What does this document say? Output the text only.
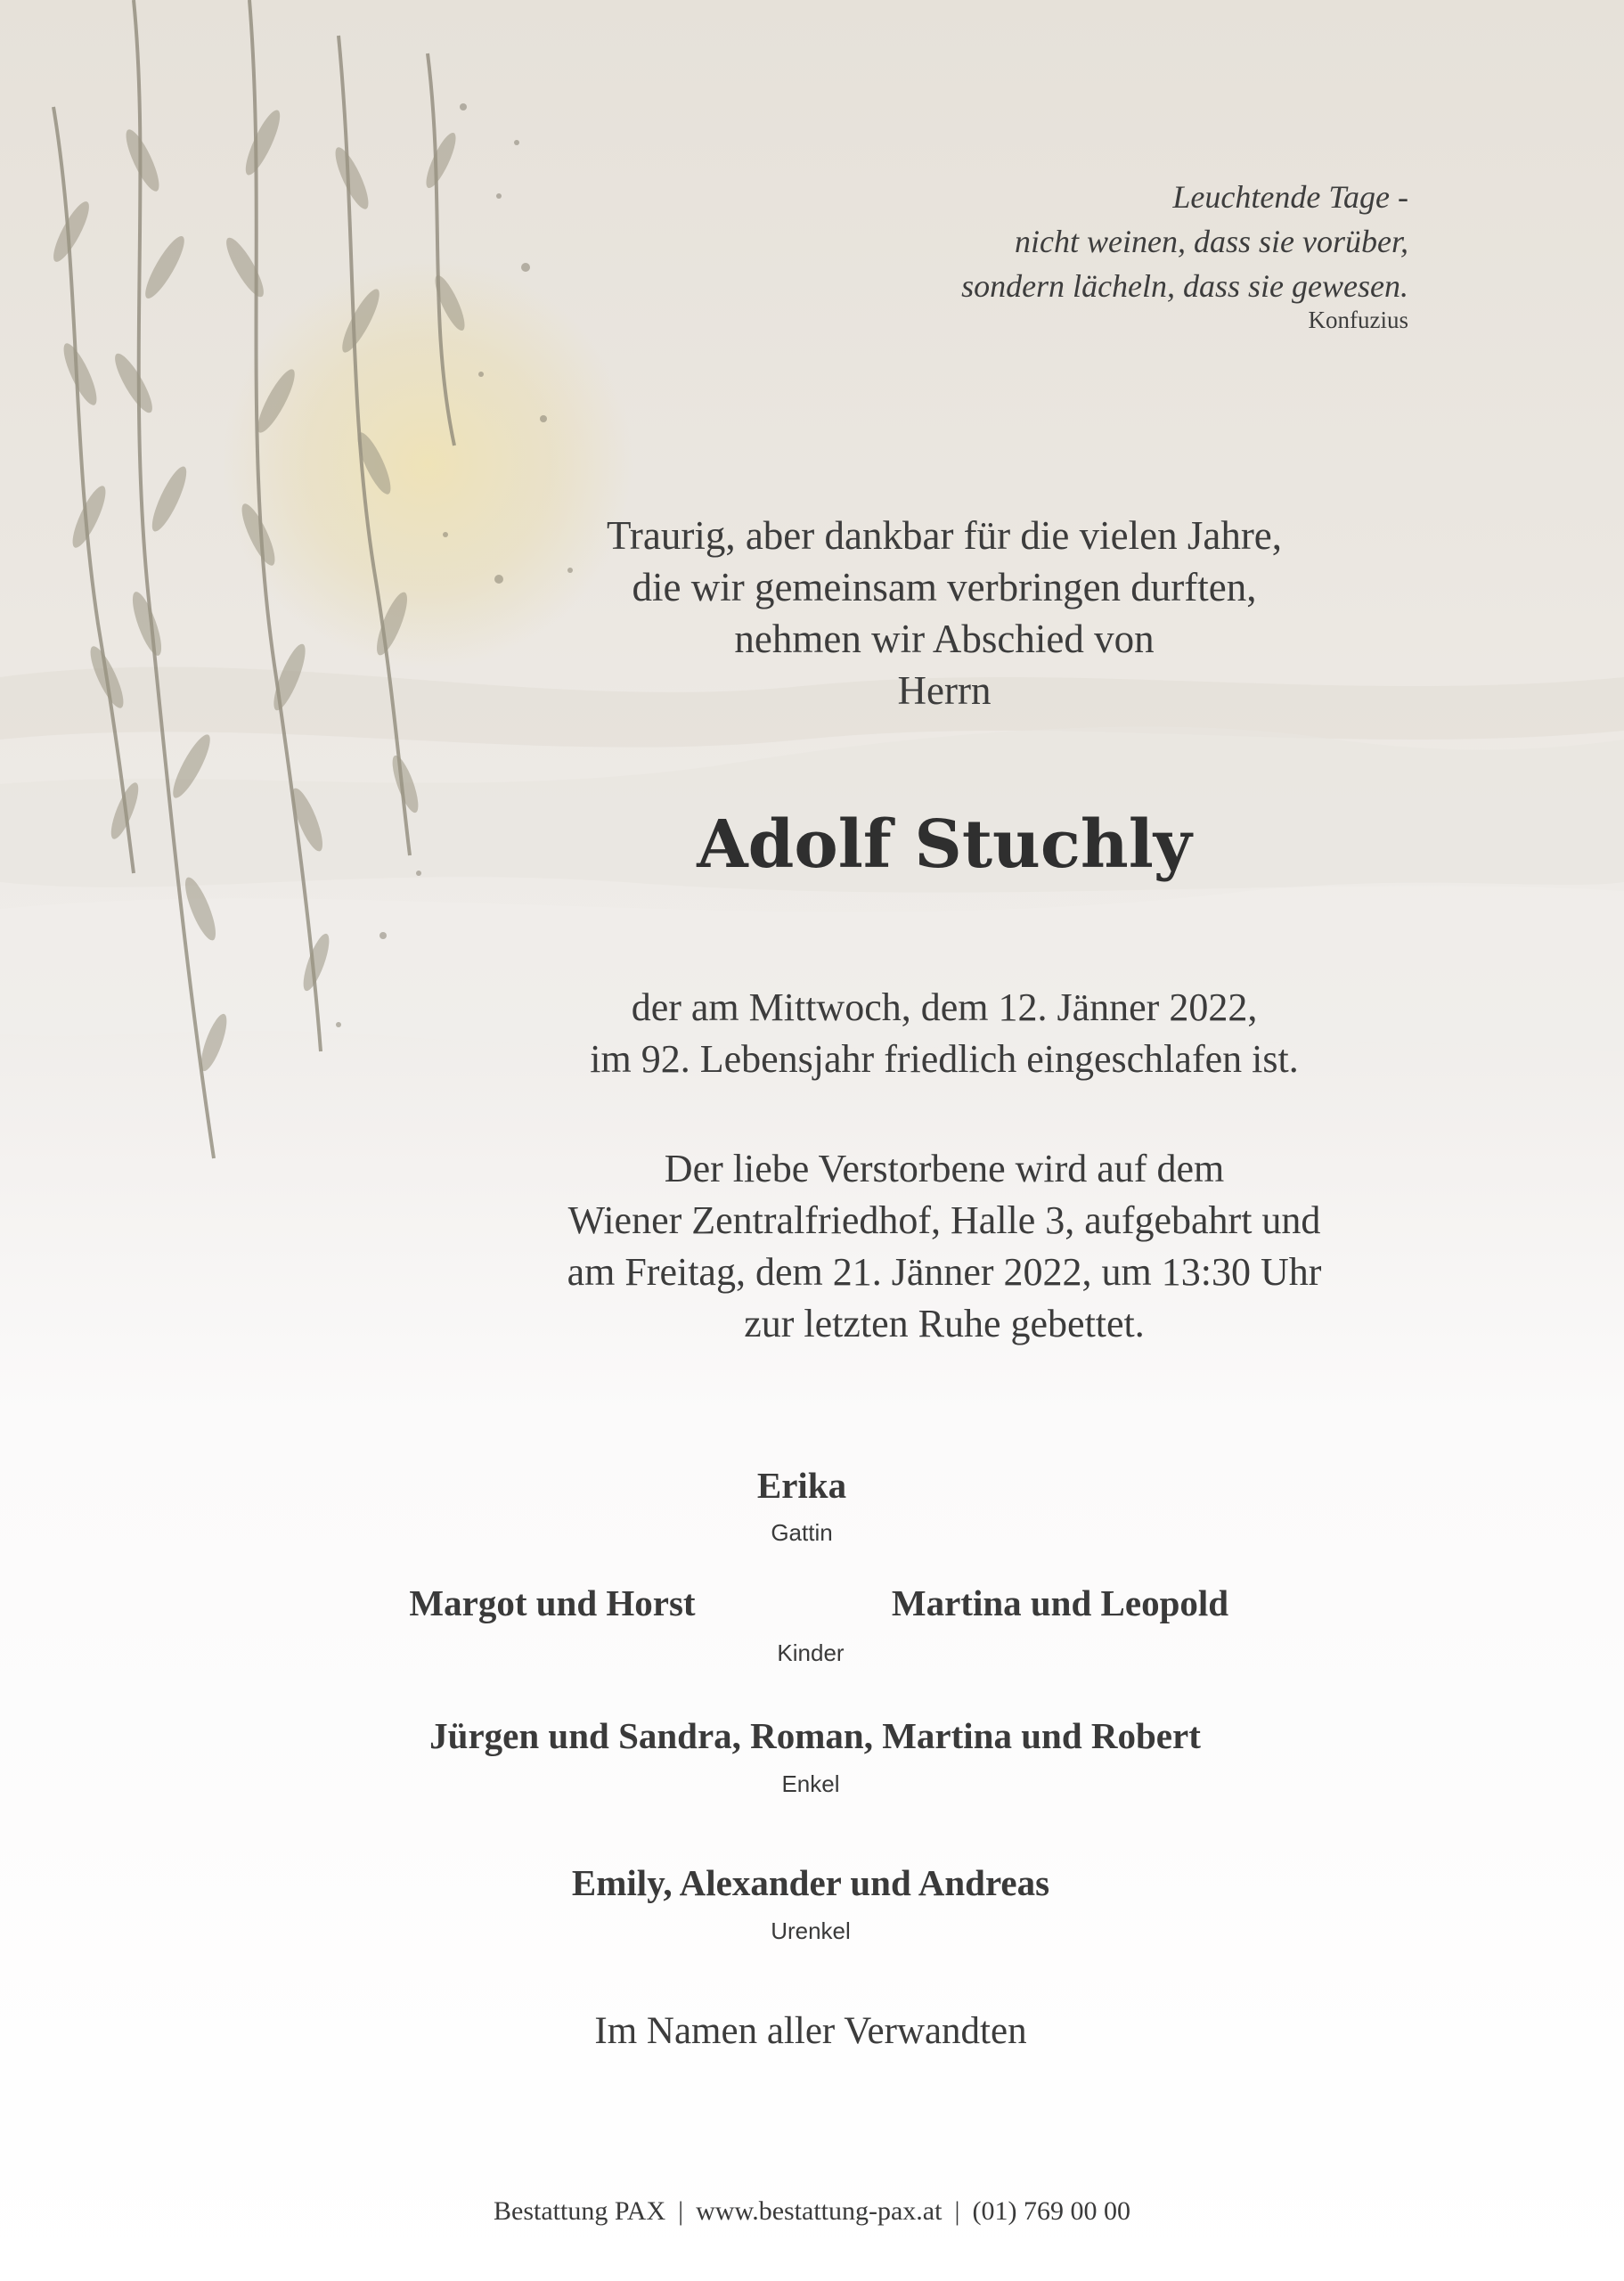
Leuchtende Tage -
nicht weinen, dass sie vorüber,
sondern lächeln, dass sie gewesen.
Konfuzius
Traurig, aber dankbar für die vielen Jahre,
die wir gemeinsam verbringen durften,
nehmen wir Abschied von
Herrn
Adolf Stuchly
der am Mittwoch, dem 12. Jänner 2022,
im 92. Lebensjahr friedlich eingeschlafen ist.
Der liebe Verstorbene wird auf dem
Wiener Zentralfriedhof, Halle 3, aufgebahrt und
am Freitag, dem 21. Jänner 2022, um 13:30 Uhr
zur letzten Ruhe gebettet.
Erika
Gattin
Margot und Horst	Martina und Leopold
Kinder
Jürgen und Sandra, Roman, Martina und Robert
Enkel
Emily, Alexander und Andreas
Urenkel
Im Namen aller Verwandten
Bestattung PAX | www.bestattung-pax.at | (01) 769 00 00
